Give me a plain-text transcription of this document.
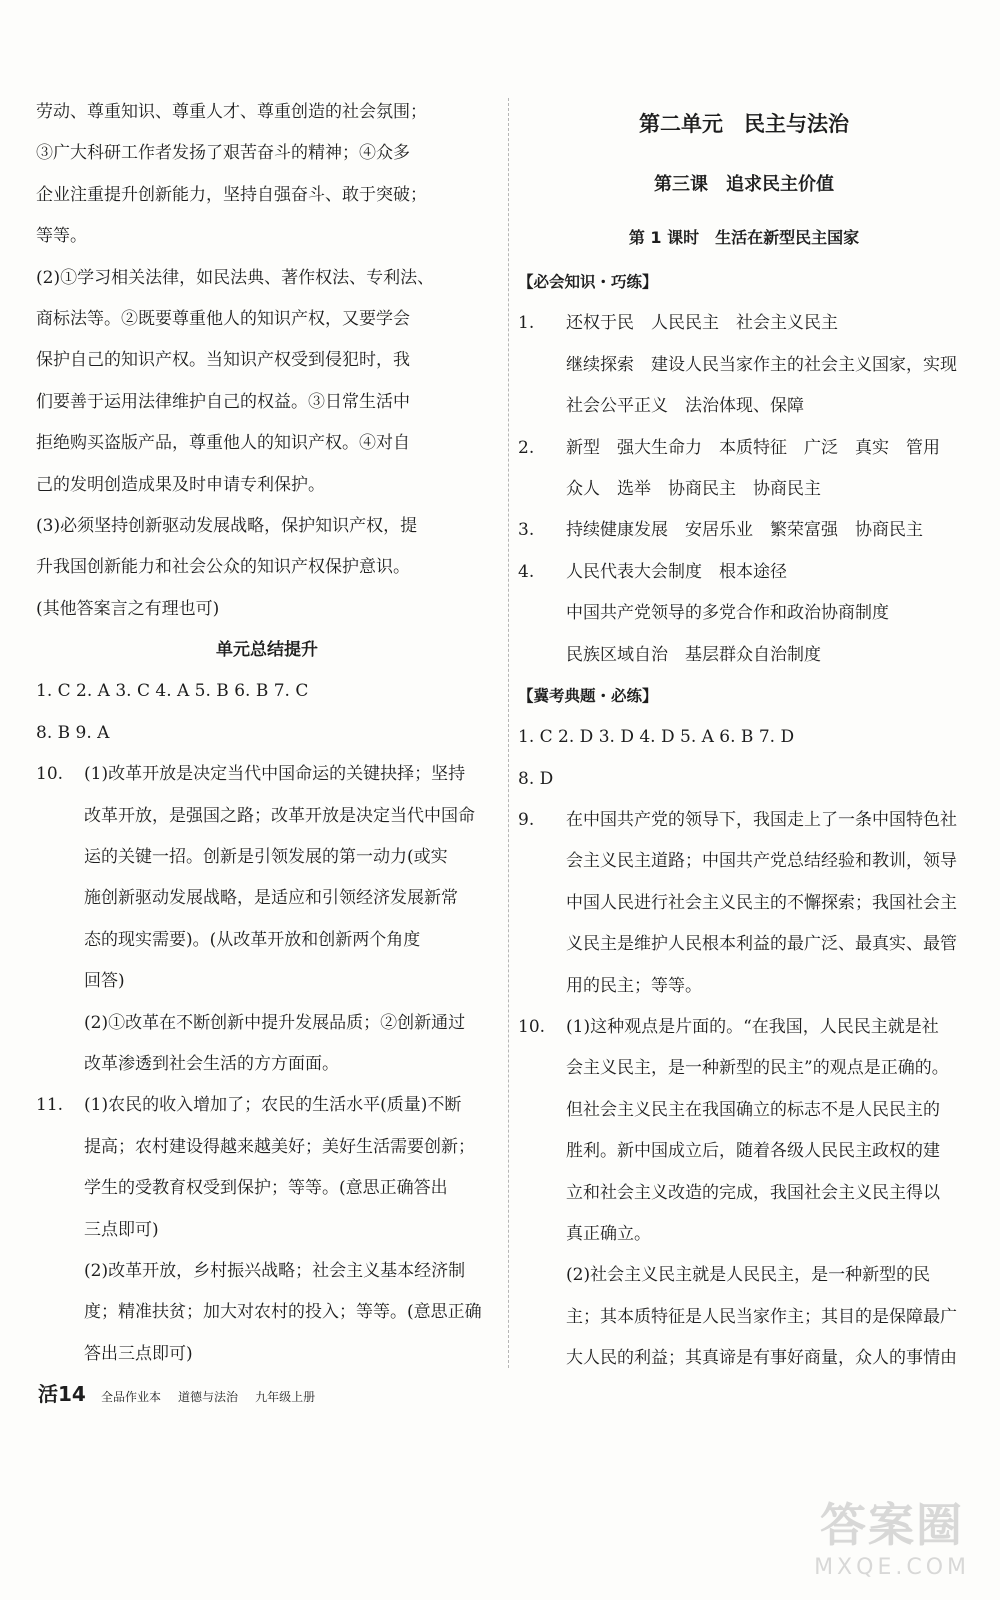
劳动、尊重知识、尊重人才、尊重创造的社会氛围；
③广大科研工作者发扬了艰苦奋斗的精神；④众多
企业注重提升创新能力，坚持自强奋斗、敢于突破；
等等。
(2)①学习相关法律，如民法典、著作权法、专利法、
商标法等。②既要尊重他人的知识产权，又要学会
保护自己的知识产权。当知识产权受到侵犯时，我
们要善于运用法律维护自己的权益。③日常生活中
拒绝购买盗版产品，尊重他人的知识产权。④对自
己的发明创造成果及时申请专利保护。
(3)必须坚持创新驱动发展战略，保护知识产权，提
升我国创新能力和社会公众的知识产权保护意识。
(其他答案言之有理也可)
单元总结提升
1. C 2. A 3. C 4. A 5. B 6. B 7. C
8. B 9. A
10. (1)改革开放是决定当代中国命运的关键抉择；坚持
改革开放，是强国之路；改革开放是决定当代中国命
运的关键一招。创新是引领发展的第一动力(或实
施创新驱动发展战略，是适应和引领经济发展新常
态的现实需要)。(从改革开放和创新两个角度
回答)
(2)①改革在不断创新中提升发展品质；②创新通过
改革渗透到社会生活的方方面面。
11. (1)农民的收入增加了；农民的生活水平(质量)不断
提高；农村建设得越来越美好；美好生活需要创新；
学生的受教育权受到保护；等等。(意思正确答出
三点即可)
(2)改革开放，乡村振兴战略；社会主义基本经济制
度；精准扶贫；加大对农村的投入；等等。(意思正确
答出三点即可)
第二单元　民主与法治
第三课　追求民主价值
第 1 课时　生活在新型民主国家
【必会知识・巧练】
1. 还权于民　人民民主　社会主义民主
继续探索　建设人民当家作主的社会主义国家，实现
社会公平正义　法治体现、保障
2. 新型　强大生命力　本质特征　广泛　真实　管用
众人　选举　协商民主　协商民主
3. 持续健康发展　安居乐业　繁荣富强　协商民主
4. 人民代表大会制度　根本途径
中国共产党领导的多党合作和政治协商制度
民族区域自治　基层群众自治制度
【冀考典题・必练】
1. C 2. D 3. D 4. D 5. A 6. B 7. D
8. D
9. 在中国共产党的领导下，我国走上了一条中国特色社
会主义民主道路；中国共产党总结经验和教训，领导
中国人民进行社会主义民主的不懈探索；我国社会主
义民主是维护人民根本利益的最广泛、最真实、最管
用的民主；等等。
10. (1)这种观点是片面的。“在我国，人民民主就是社
会主义民主，是一种新型的民主”的观点是正确的。
但社会主义民主在我国确立的标志不是人民民主的
胜利。新中国成立后，随着各级人民民主政权的建
立和社会主义改造的完成，我国社会主义民主得以
真正确立。
(2)社会主义民主就是人民民主，是一种新型的民
主；其本质特征是人民当家作主；其目的是保障最广
大人民的利益；其真谛是有事好商量，众人的事情由
活14 全品作业本 道德与法治 九年级上册
答案圈
MXQE.COM
